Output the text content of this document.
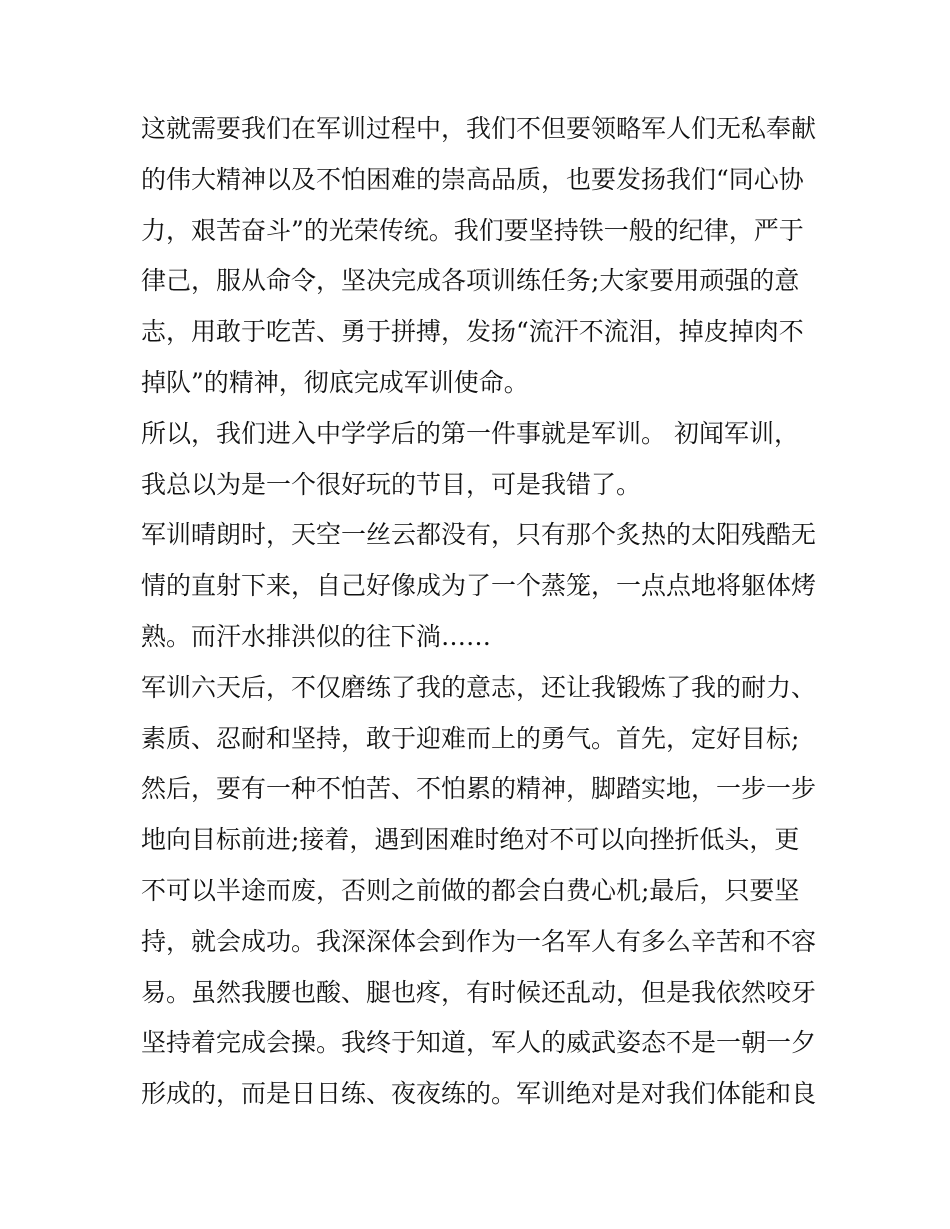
这就需要我们在军训过程中，我们不但要领略军人们无私奉献
的伟大精神以及不怕困难的崇高品质，也要发扬我们“同心协
力，艰苦奋斗”的光荣传统。我们要坚持铁一般的纪律，严于
律己，服从命令，坚决完成各项训练任务;大家要用顽强的意
志，用敢于吃苦、勇于拼搏，发扬“流汗不流泪，掉皮掉肉不
掉队”的精神，彻底完成军训使命。
所以，我们进入中学学后的第一件事就是军训。 初闻军训，
我总以为是一个很好玩的节目，可是我错了。
军训晴朗时，天空一丝云都没有，只有那个炙热的太阳残酷无
情的直射下来，自己好像成为了一个蒸笼，一点点地将躯体烤
熟。而汗水排洪似的往下淌……
军训六天后，不仅磨练了我的意志，还让我锻炼了我的耐力、
素质、忍耐和坚持，敢于迎难而上的勇气。首先，定好目标;
然后，要有一种不怕苦、不怕累的精神，脚踏实地，一步一步
地向目标前进;接着，遇到困难时绝对不可以向挫折低头，更
不可以半途而废，否则之前做的都会白费心机;最后，只要坚
持，就会成功。我深深体会到作为一名军人有多么辛苦和不容
易。虽然我腰也酸、腿也疼，有时候还乱动，但是我依然咬牙
坚持着完成会操。我终于知道，军人的威武姿态不是一朝一夕
形成的，而是日日练、夜夜练的。军训绝对是对我们体能和良
